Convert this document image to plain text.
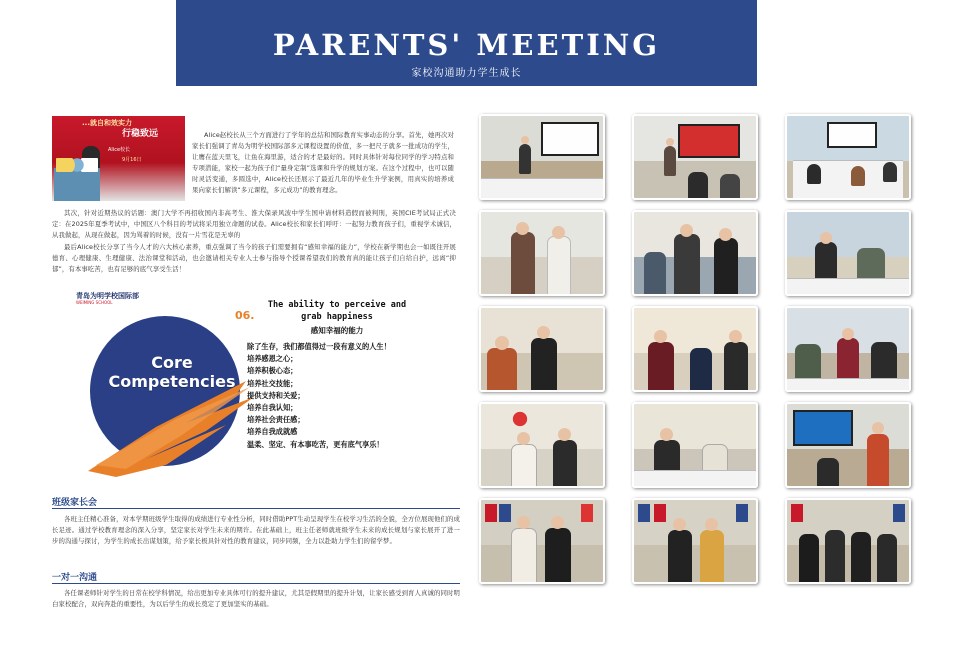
PARENTS' MEETING
家校沟通助力学生成长
...就自和效实力
行稳致远
Alice校长
9月16日

Alice赵校长从三个方面进行了学年的总结和国际教育实事动态的分享。首先，她再次对家长们强调了青岛为明学校国际部多元课程设置的价值，多一把尺子就多一批成功的学生，让鹰在蓝天里飞，让鱼在海里游，适合的才是最好的。同时具体针对每位同学的学习特点和专项潜能，家校一起为孩子们“量身定制”选课和升学的规划方案。在这个过程中，也可以随时灵活变通，多圆选中，Alice校长还展示了最近几年的毕业生升学案例，用真实的培养成果向家长们解读“多元课程，多元成功”的教育理念。

其次，针对近期热议的话题：澳门大学不再招收国内非高考生、淮大保录风波中学生国申请材料造假而被判刑，英国CIE考试局正式决定：在2025年夏季考试中，中国区八个科目的考试将采用独立命题的试卷。Alice校长和家长们呼吁：一起努力教育孩子们，重视学术诚信，从我做起，从现在做起，因为骂着的时候，没有一片雪花是无辜的

最后Alice校长分享了当今人才的六大核心素养，重点强调了当今的孩子们需要拥有“感知幸福的能力”，学校在新学期也会一如既往开展德育、心理健康、生理健康、法治课堂和活动，也会邀请相关专业人士参与指导个授课希望我们的教育真的能让孩子们自给自护，远离“抑郁”，有本事吃苦，也有足够的底气享受生活！

青岛为明学校国际部
WEIMING SCHOOL
Core
Competencies
06.
The ability to perceive and
grab happiness
感知幸福的能力
除了生存，我们都值得过一段有意义的人生！
培养感恩之心；
培养积极心态；
培养社交技能；
提供支持和关爱；
培养自我认知；
培养社会责任感；
培养自我成就感
温柔、坚定、有本事吃苦，更有底气享乐！
班级家长会

各班主任精心准备，对本学期班级学生取得的成绩进行专业性分析，同时借助PPT生动呈现学生在校学习生活的全貌，全方位展现他们的成长足迹。通过学校教育理念的深入分享，坚定家长对学生未来的期许。在此基础上，班主任老师就班级学生未来的成长规划与家长展开了进一步的沟通与探讨，为学生的成长出谋划策，给予家长极具针对性的教育建议，同步同频，全力以赴助力学生们的留学梦。

一对一沟通

各任课老师针对学生的日常在校学科情况，给出更加专业具体可行的提升建议，尤其是假期里的提升计划，让家长感受到育人真诚的同时明白家校配合，双向奔赴的重要性，为以后学生的成长奠定了更加坚实的基础。
